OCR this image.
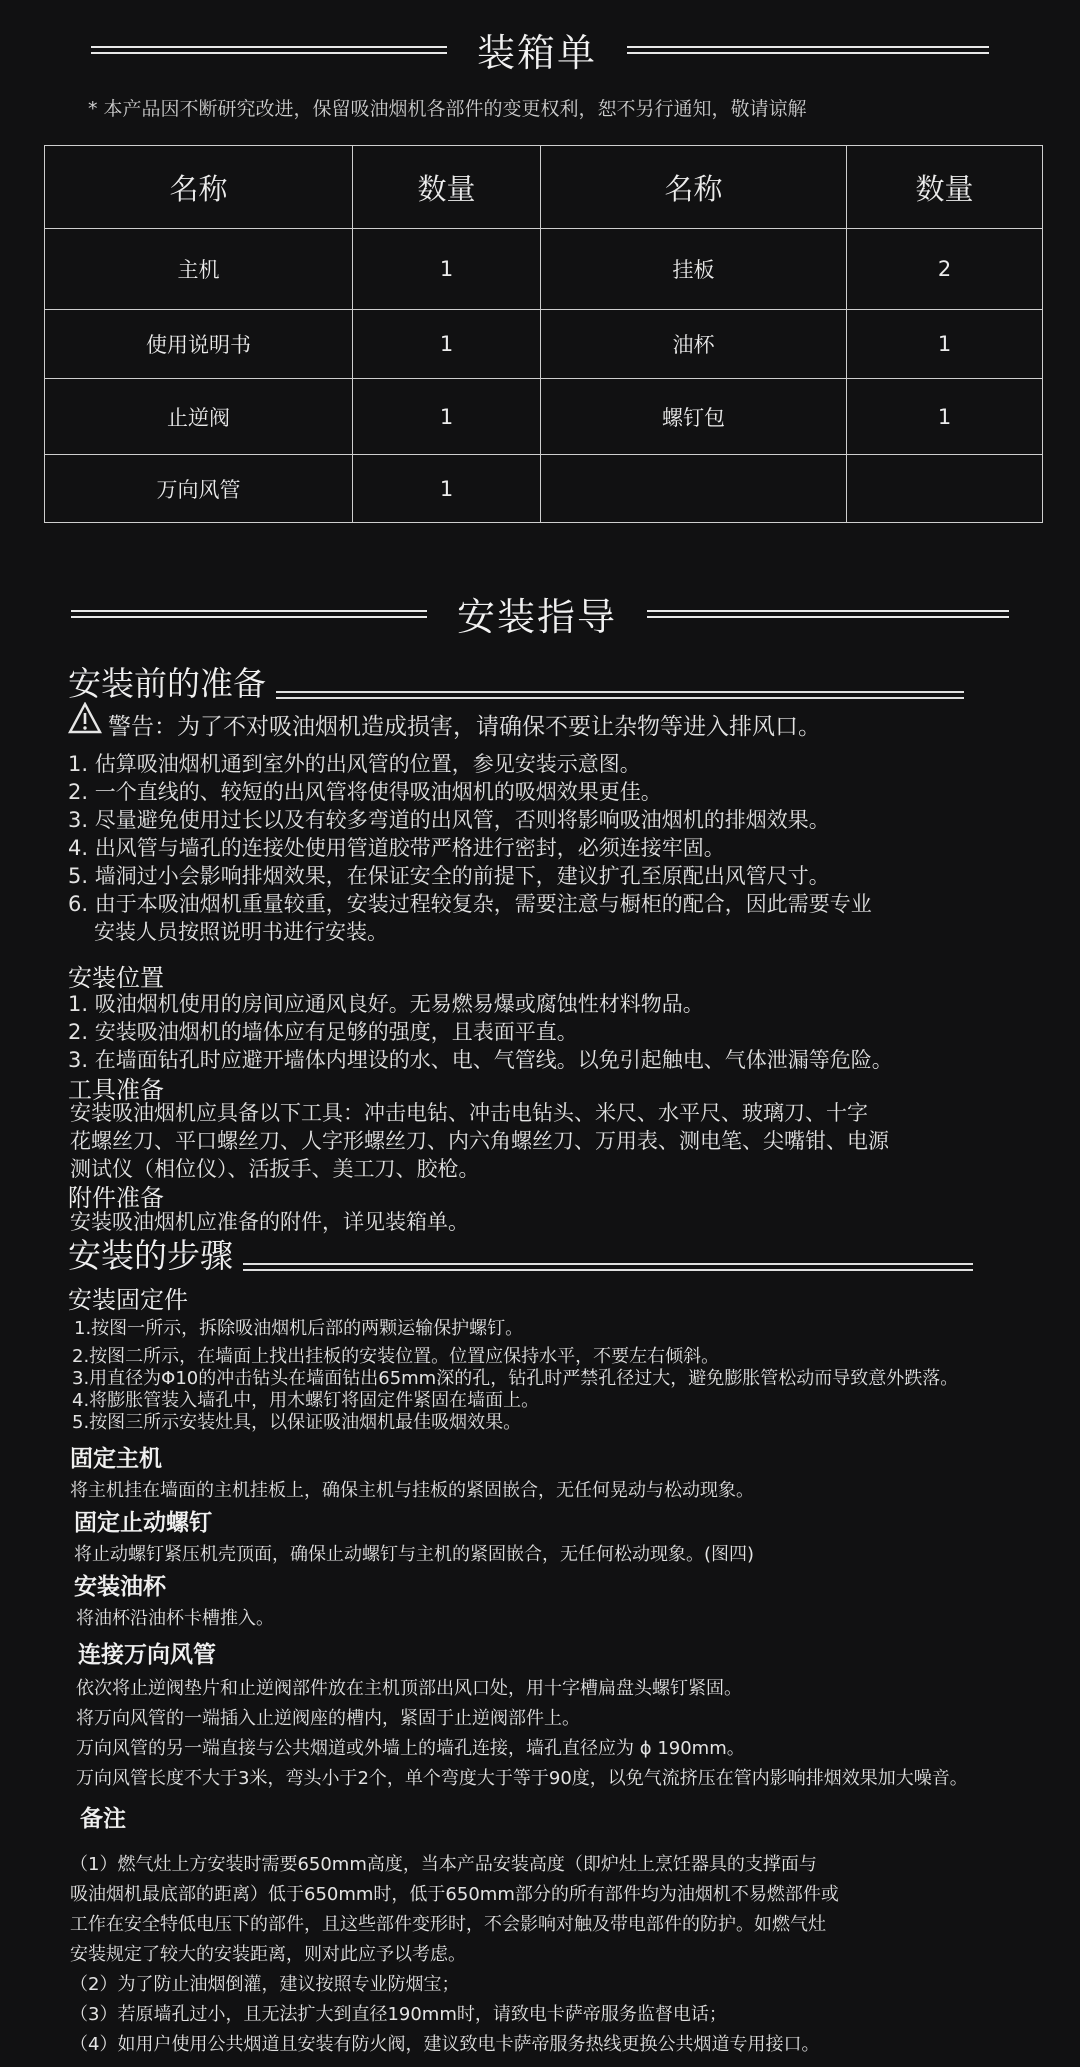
装箱单
* 本产品因不断研究改进，保留吸油烟机各部件的变更权利，恕不另行通知，敬请谅解
名称	数量	名称	数量
主机	1	挂板	2
使用说明书	1	油杯	1
止逆阀	1	螺钉包	1
万向风管	1		
安装指导
安装前的准备
警告：为了不对吸油烟机造成损害，请确保不要让杂物等进入排风口。
1. 估算吸油烟机通到室外的出风管的位置，参见安装示意图。
2. 一个直线的、较短的出风管将使得吸油烟机的吸烟效果更佳。
3. 尽量避免使用过长以及有较多弯道的出风管，否则将影响吸油烟机的排烟效果。
4. 出风管与墙孔的连接处使用管道胶带严格进行密封，必须连接牢固。
5. 墙洞过小会影响排烟效果，在保证安全的前提下，建议扩孔至原配出风管尺寸。
6. 由于本吸油烟机重量较重，安装过程较复杂，需要注意与橱柜的配合，因此需要专业
安装人员按照说明书进行安装。
安装位置
1. 吸油烟机使用的房间应通风良好。无易燃易爆或腐蚀性材料物品。
2. 安装吸油烟机的墙体应有足够的强度，且表面平直。
3. 在墙面钻孔时应避开墙体内埋设的水、电、气管线。以免引起触电、气体泄漏等危险。
工具准备
安装吸油烟机应具备以下工具：冲击电钻、冲击电钻头、米尺、水平尺、玻璃刀、十字
花螺丝刀、平口螺丝刀、人字形螺丝刀、内六角螺丝刀、万用表、测电笔、尖嘴钳、电源
测试仪（相位仪）、活扳手、美工刀、胶枪。
附件准备
安装吸油烟机应准备的附件，详见装箱单。
安装的步骤
安装固定件
1.按图一所示，拆除吸油烟机后部的两颗运输保护螺钉。
2.按图二所示，在墙面上找出挂板的安装位置。位置应保持水平，不要左右倾斜。
3.用直径为Φ10的冲击钻头在墙面钻出65mm深的孔，钻孔时严禁孔径过大，避免膨胀管松动而导致意外跌落。
4.将膨胀管装入墙孔中，用木螺钉将固定件紧固在墙面上。
5.按图三所示安装灶具，以保证吸油烟机最佳吸烟效果。
固定主机
将主机挂在墙面的主机挂板上，确保主机与挂板的紧固嵌合，无任何晃动与松动现象。
固定止动螺钉
将止动螺钉紧压机壳顶面，确保止动螺钉与主机的紧固嵌合，无任何松动现象。(图四)
安装油杯
将油杯沿油杯卡槽推入。
连接万向风管
依次将止逆阀垫片和止逆阀部件放在主机顶部出风口处，用十字槽扁盘头螺钉紧固。
将万向风管的一端插入止逆阀座的槽内，紧固于止逆阀部件上。
万向风管的另一端直接与公共烟道或外墙上的墙孔连接，墙孔直径应为 ɸ 190mm。
万向风管长度不大于3米，弯头小于2个，单个弯度大于等于90度，以免气流挤压在管内影响排烟效果加大噪音。
备注
（1）燃气灶上方安装时需要650mm高度，当本产品安装高度（即炉灶上烹饪器具的支撑面与
吸油烟机最底部的距离）低于650mm时，低于650mm部分的所有部件均为油烟机不易燃部件或
工作在安全特低电压下的部件，且这些部件变形时，不会影响对触及带电部件的防护。如燃气灶
安装规定了较大的安装距离，则对此应予以考虑。
（2）为了防止油烟倒灌，建议按照专业防烟宝；
（3）若原墙孔过小，且无法扩大到直径190mm时，请致电卡萨帝服务监督电话；
（4）如用户使用公共烟道且安装有防火阀，建议致电卡萨帝服务热线更换公共烟道专用接口。
